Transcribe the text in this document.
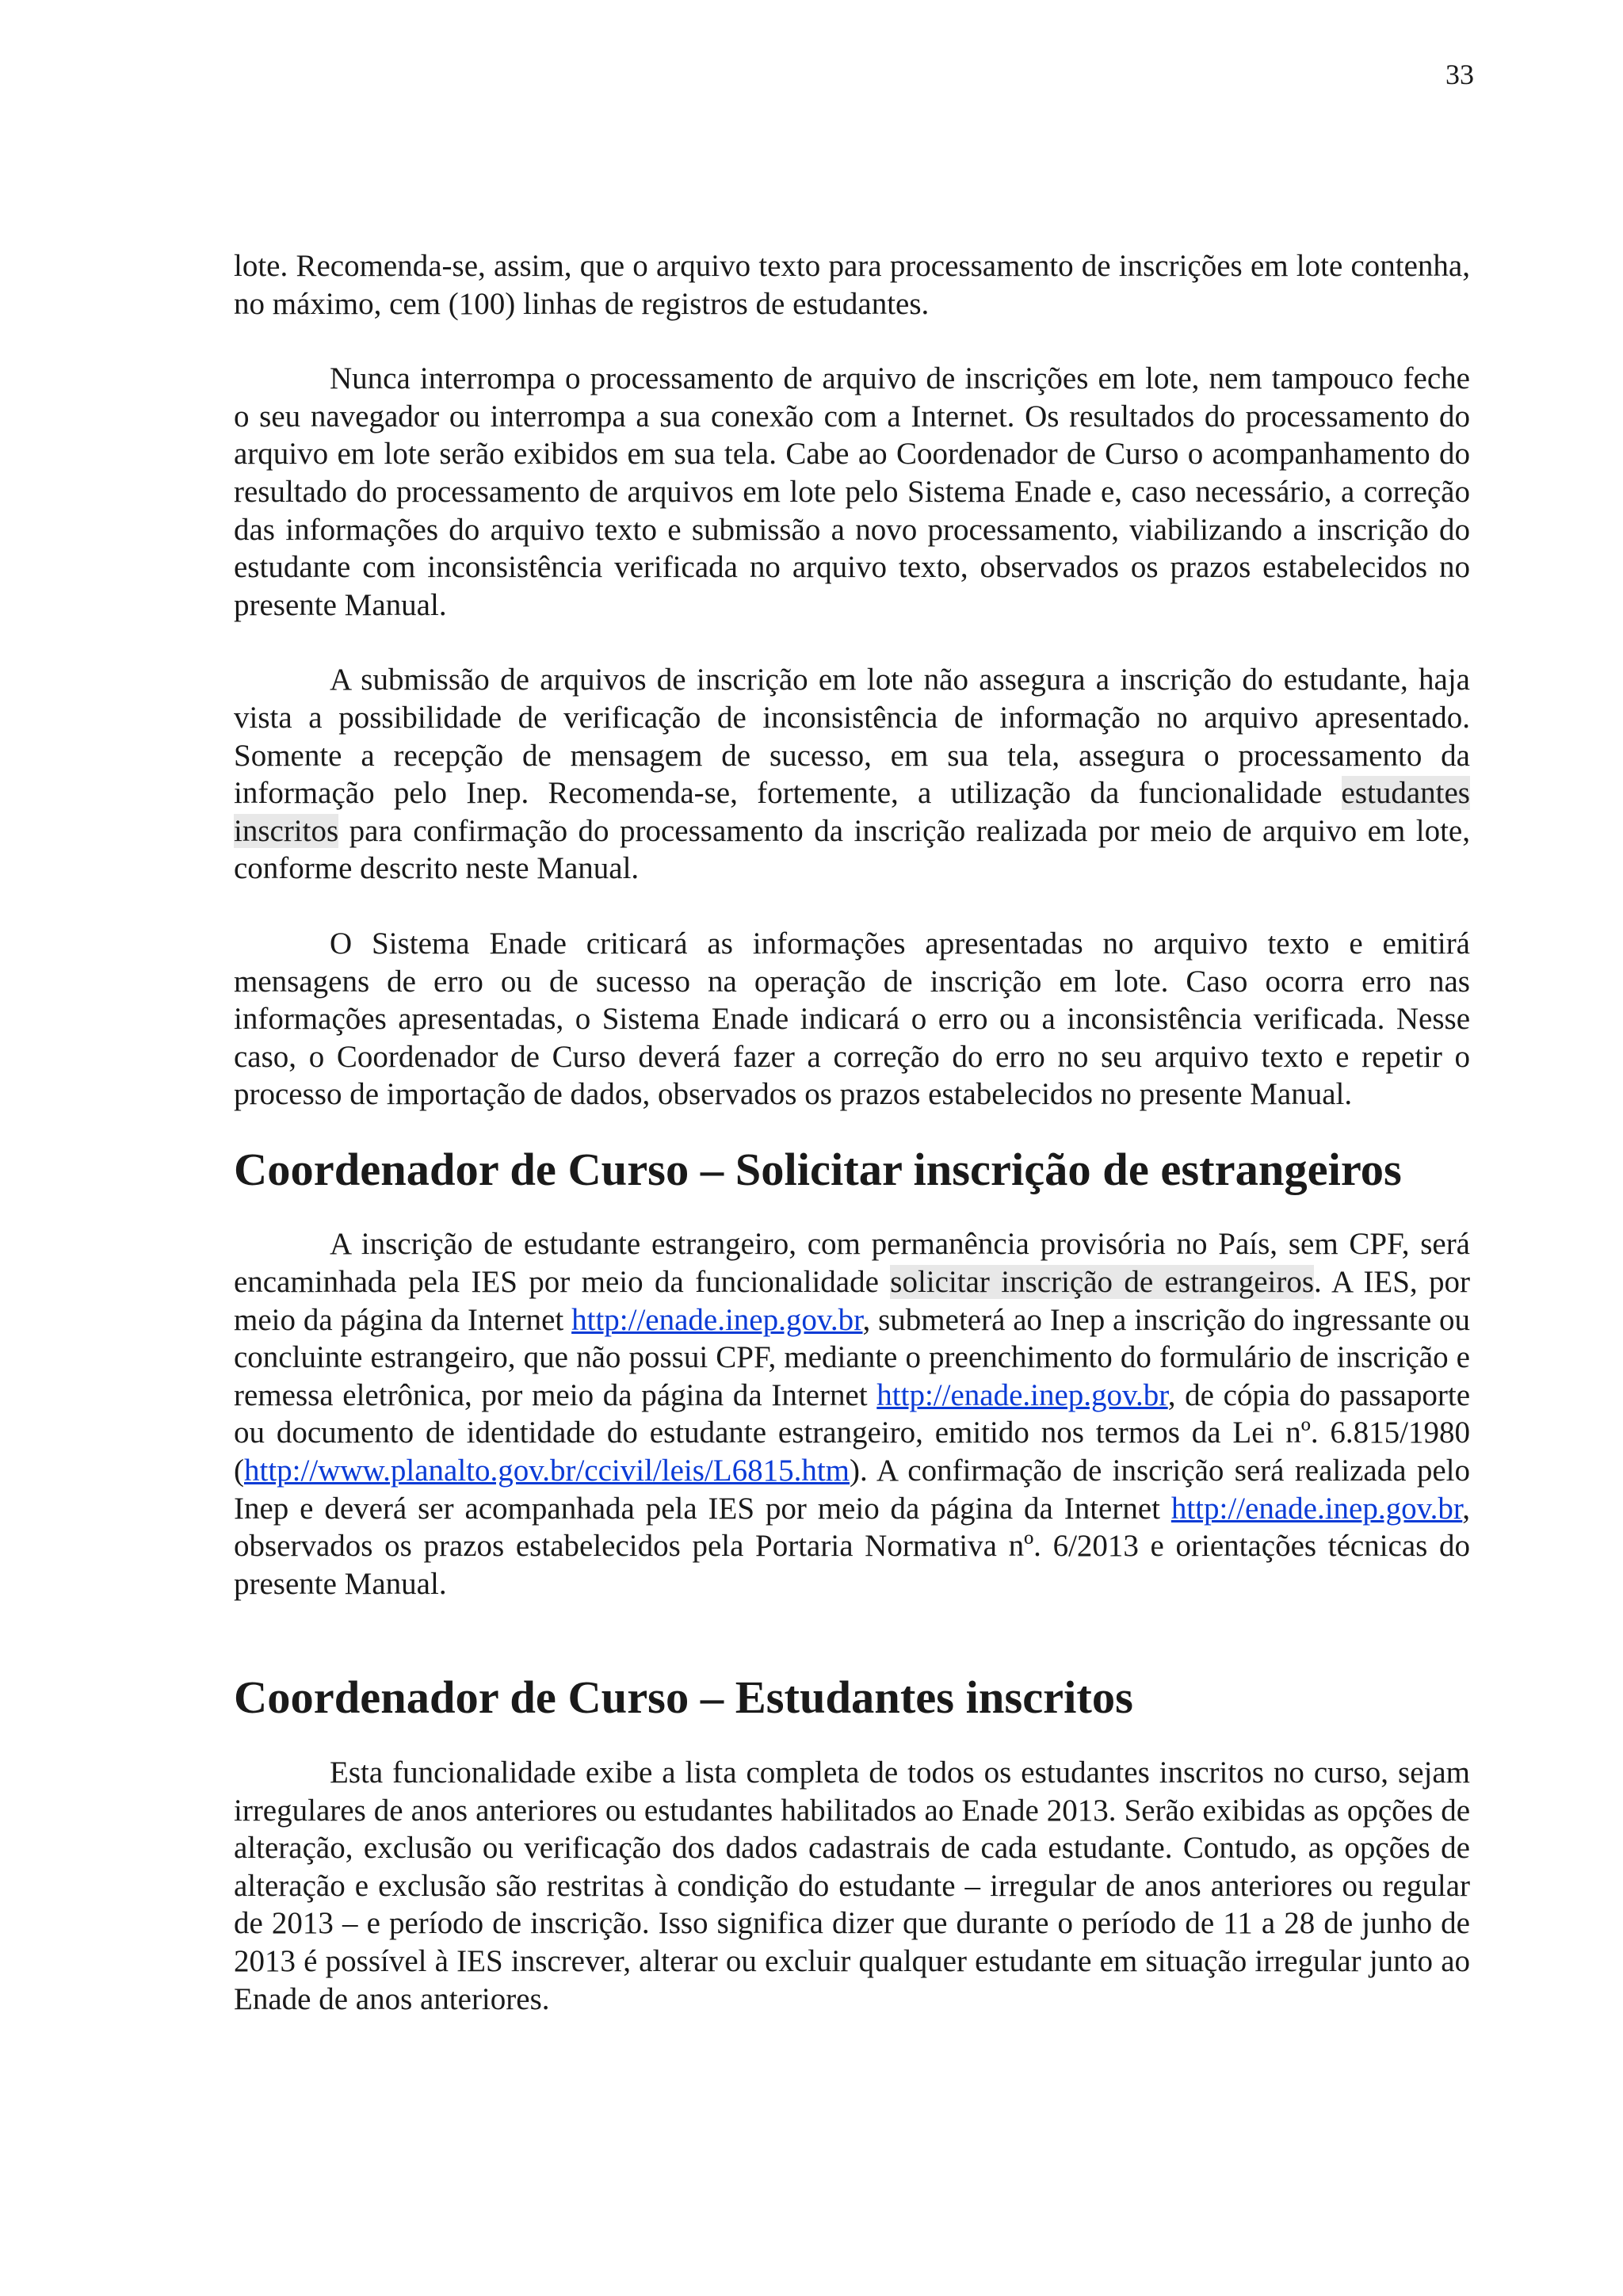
33

lote. Recomenda-se, assim, que o arquivo texto para processamento de inscrições em lote contenha, no máximo, cem (100) linhas de registros de estudantes.

Nunca interrompa o processamento de arquivo de inscrições em lote, nem tampouco feche o seu navegador ou interrompa a sua conexão com a Internet. Os resultados do processamento do arquivo em lote serão exibidos em sua tela. Cabe ao Coordenador de Curso o acompanhamento do resultado do processamento de arquivos em lote pelo Sistema Enade e, caso necessário, a correção das informações do arquivo texto e submissão a novo processamento, viabilizando a inscrição do estudante com inconsistência verificada no arquivo texto, observados os prazos estabelecidos no presente Manual.

A submissão de arquivos de inscrição em lote não assegura a inscrição do estudante, haja vista a possibilidade de verificação de inconsistência de informação no arquivo apresentado. Somente a recepção de mensagem de sucesso, em sua tela, assegura o processamento da informação pelo Inep. Recomenda-se, fortemente, a utilização da funcionalidade estudantes inscritos para confirmação do processamento da inscrição realizada por meio de arquivo em lote, conforme descrito neste Manual.

O Sistema Enade criticará as informações apresentadas no arquivo texto e emitirá mensagens de erro ou de sucesso na operação de inscrição em lote. Caso ocorra erro nas informações apresentadas, o Sistema Enade indicará o erro ou a inconsistência verificada. Nesse caso, o Coordenador de Curso deverá fazer a correção do erro no seu arquivo texto e repetir o processo de importação de dados, observados os prazos estabelecidos no presente Manual.

Coordenador de Curso – Solicitar inscrição de estrangeiros

A inscrição de estudante estrangeiro, com permanência provisória no País, sem CPF, será encaminhada pela IES por meio da funcionalidade solicitar inscrição de estrangeiros. A IES, por meio da página da Internet http://enade.inep.gov.br, submeterá ao Inep a inscrição do ingressante ou concluinte estrangeiro, que não possui CPF, mediante o preenchimento do formulário de inscrição e remessa eletrônica, por meio da página da Internet http://enade.inep.gov.br, de cópia do passaporte ou documento de identidade do estudante estrangeiro, emitido nos termos da Lei nº. 6.815/1980 (http://www.planalto.gov.br/ccivil/leis/L6815.htm). A confirmação de inscrição será realizada pelo Inep e deverá ser acompanhada pela IES por meio da página da Internet http://enade.inep.gov.br, observados os prazos estabelecidos pela Portaria Normativa nº. 6/2013 e orientações técnicas do presente Manual.

Coordenador de Curso – Estudantes inscritos

Esta funcionalidade exibe a lista completa de todos os estudantes inscritos no curso, sejam irregulares de anos anteriores ou estudantes habilitados ao Enade 2013. Serão exibidas as opções de alteração, exclusão ou verificação dos dados cadastrais de cada estudante. Contudo, as opções de alteração e exclusão são restritas à condição do estudante – irregular de anos anteriores ou regular de 2013 – e período de inscrição. Isso significa dizer que durante o período de 11 a 28 de junho de 2013 é possível à IES inscrever, alterar ou excluir qualquer estudante em situação irregular junto ao Enade de anos anteriores.
